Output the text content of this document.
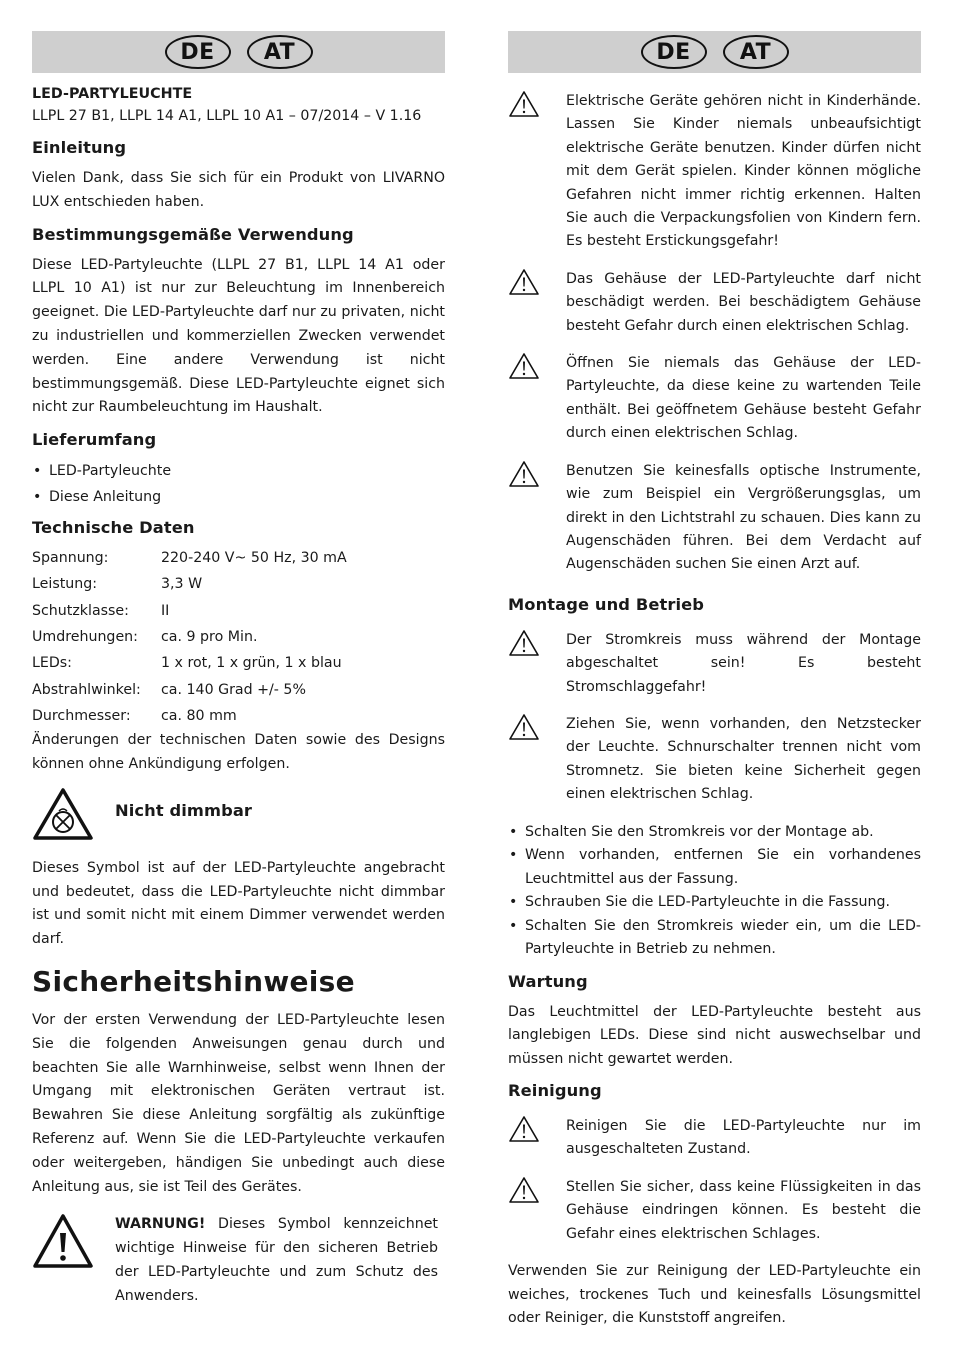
DE	AT
LED-PARTYLEUCHTE
LLPL 27 B1, LLPL 14 A1, LLPL 10 A1 – 07/2014 – V 1.16
Einleitung
Vielen Dank, dass Sie sich für ein Produkt von LIVARNO LUX entschieden haben.
Bestimmungsgemäße Verwendung
Diese LED-Partyleuchte (LLPL 27 B1, LLPL 14 A1 oder LLPL 10 A1) ist nur zur Beleuchtung im Innenbereich geeignet. Die LED-Partyleuchte darf nur zu privaten, nicht zu industriellen und kommerziellen Zwecken verwendet werden. Eine andere Verwendung ist nicht bestimmungsgemäß. Diese LED-Partyleuchte eignet sich nicht zur Raumbeleuchtung im Haushalt.
Lieferumfang
• LED-Partyleuchte
• Diese Anleitung
Technische Daten
Spannung:	220-240 V~ 50 Hz, 30 mA
Leistung:	3,3 W
Schutzklasse:	II
Umdrehungen:	ca. 9 pro Min.
LEDs:	1 x rot, 1 x grün, 1 x blau
Abstrahlwinkel:	ca. 140 Grad +/- 5%
Durchmesser:	ca. 80 mm
Änderungen der technischen Daten sowie des Designs können ohne Ankündigung erfolgen.
Nicht dimmbar
Dieses Symbol ist auf der LED-Partyleuchte angebracht und bedeutet, dass die LED-Partyleuchte nicht dimmbar ist und somit nicht mit einem Dimmer verwendet werden darf.
Sicherheitshinweise
Vor der ersten Verwendung der LED-Partyleuchte lesen Sie die folgenden Anweisungen genau durch und beachten Sie alle Warnhinweise, selbst wenn Ihnen der Umgang mit elektronischen Geräten vertraut ist. Bewahren Sie diese Anleitung sorgfältig als zukünftige Referenz auf. Wenn Sie die LED-Partyleuchte verkaufen oder weitergeben, händigen Sie unbedingt auch diese Anleitung aus, sie ist Teil des Gerätes.
WARNUNG! Dieses Symbol kennzeichnet wichtige Hinweise für den sicheren Betrieb der LED-Partyleuchte und zum Schutz des Anwenders.
DE	AT
Elektrische Geräte gehören nicht in Kinderhände. Lassen Sie Kinder niemals unbeaufsichtigt elektrische Geräte benutzen. Kinder dürfen nicht mit dem Gerät spielen. Kinder können mögliche Gefahren nicht immer richtig erkennen. Halten Sie auch die Verpackungsfolien von Kindern fern. Es besteht Erstickungsgefahr!
Das Gehäuse der LED-Partyleuchte darf nicht beschädigt werden. Bei beschädigtem Gehäuse besteht Gefahr durch einen elektrischen Schlag.
Öffnen Sie niemals das Gehäuse der LED-Partyleuchte, da diese keine zu wartenden Teile enthält. Bei geöffnetem Gehäuse besteht Gefahr durch einen elektrischen Schlag.
Benutzen Sie keinesfalls optische Instrumente, wie zum Beispiel ein Vergrößerungsglas, um direkt in den Lichtstrahl zu schauen. Dies kann zu Augenschäden führen. Bei dem Verdacht auf Augenschäden suchen Sie einen Arzt auf.
Montage und Betrieb
Der Stromkreis muss während der Montage abgeschaltet sein! Es besteht Stromschlaggefahr!
Ziehen Sie, wenn vorhanden, den Netzstecker der Leuchte. Schnurschalter trennen nicht vom Stromnetz. Sie bieten keine Sicherheit gegen einen elektrischen Schlag.
• Schalten Sie den Stromkreis vor der Montage ab.
• Wenn vorhanden, entfernen Sie ein vorhandenes Leuchtmittel aus der Fassung.
• Schrauben Sie die LED-Partyleuchte in die Fassung.
• Schalten Sie den Stromkreis wieder ein, um die LED-Partyleuchte in Betrieb zu nehmen.
Wartung
Das Leuchtmittel der LED-Partyleuchte besteht aus langlebigen LEDs. Diese sind nicht auswechselbar und müssen nicht gewartet werden.
Reinigung
Reinigen Sie die LED-Partyleuchte nur im ausgeschalteten Zustand.
Stellen Sie sicher, dass keine Flüssigkeiten in das Gehäuse eindringen können. Es besteht die Gefahr eines elektrischen Schlages.
Verwenden Sie zur Reinigung der LED-Partyleuchte ein weiches, trockenes Tuch und keinesfalls Lösungsmittel oder Reiniger, die Kunststoff angreifen.
